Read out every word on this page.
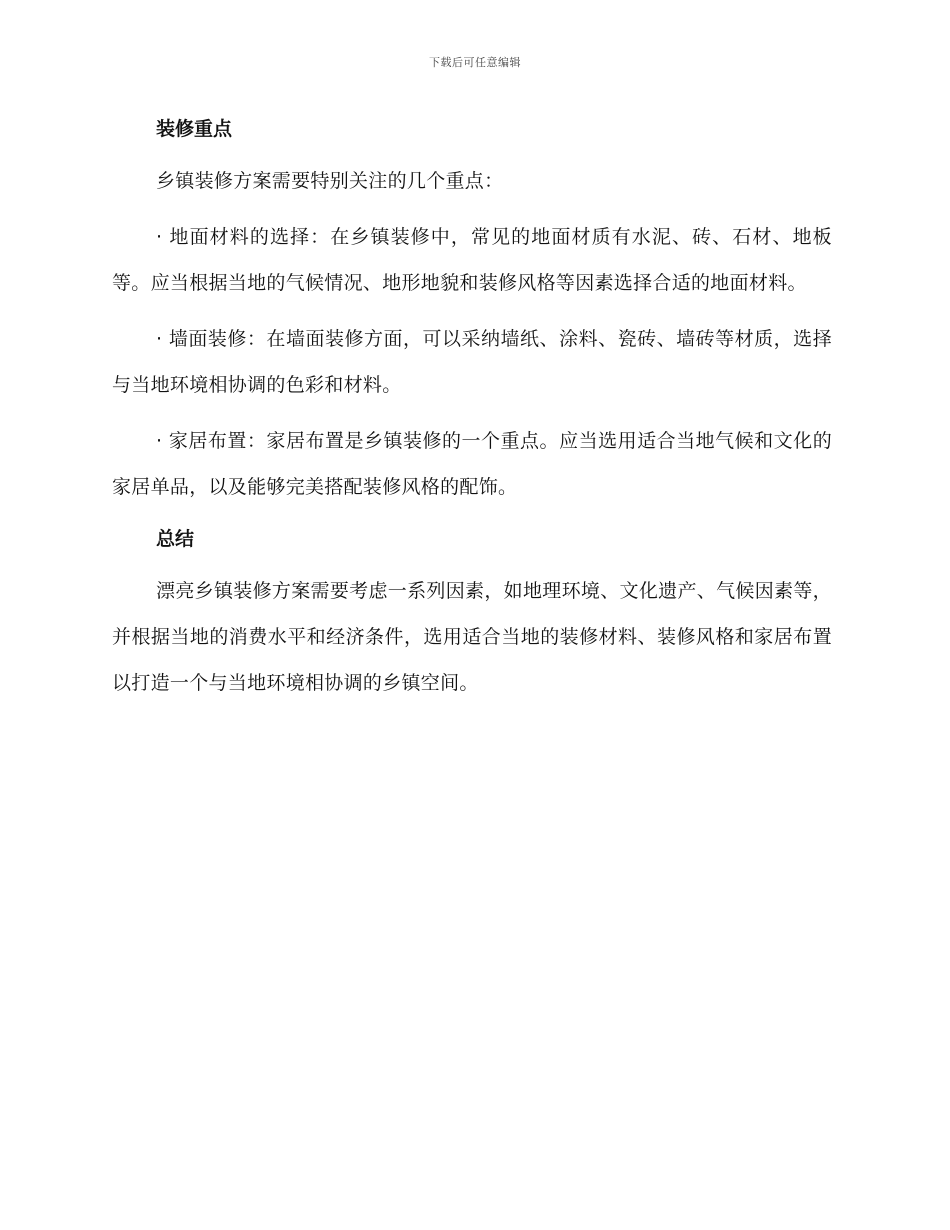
下载后可任意编辑
装修重点

乡镇装修方案需要特别关注的几个重点：

· 地面材料的选择：在乡镇装修中，常见的地面材质有水泥、砖、石材、地板等。应当根据当地的气候情况、地形地貌和装修风格等因素选择合适的地面材料。

· 墙面装修：在墙面装修方面，可以采纳墙纸、涂料、瓷砖、墙砖等材质，选择与当地环境相协调的色彩和材料。

· 家居布置：家居布置是乡镇装修的一个重点。应当选用适合当地气候和文化的家居单品，以及能够完美搭配装修风格的配饰。

总结

漂亮乡镇装修方案需要考虑一系列因素，如地理环境、文化遗产、气候因素等，并根据当地的消费水平和经济条件，选用适合当地的装修材料、装修风格和家居布置以打造一个与当地环境相协调的乡镇空间。
